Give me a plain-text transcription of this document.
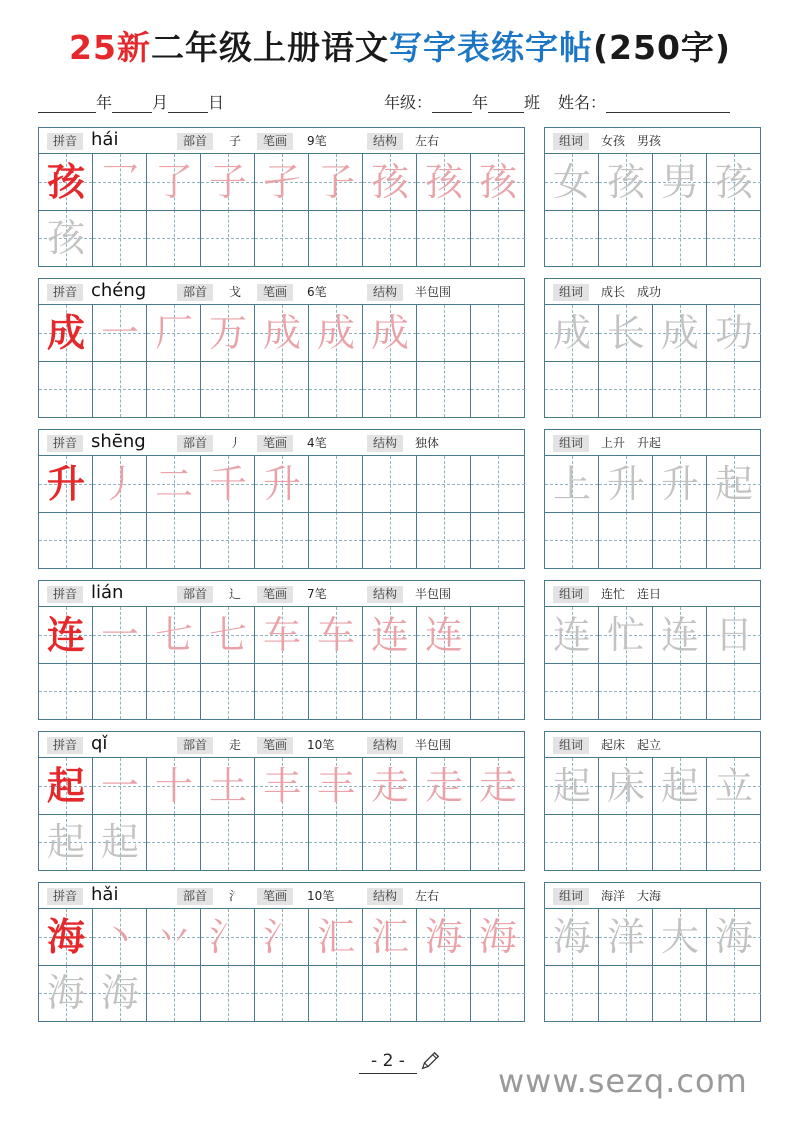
25新二年级上册语文写字表练字帖(250字)
年	月	日	年级：	年 班 姓名：
拼音 hái	部首	子	笔画	9笔	结构	左右
孩 乛 了 子 孑 孒 孩 孩 孩
孩
组词	女孩　男孩
女 孩 男 孩
拼音 chéng	部首	戈	笔画	6笔	结构	半包围
成 一 厂 万 成 成 成
组词	成长　成功
成 长 成 功
拼音 shēng	部首	丿	笔画	4笔	结构	独体
升 丿 二 千 升
组词	上升　升起
上 升 升 起
拼音 lián	部首	辶	笔画	7笔	结构	半包围
连 一 七 七 车 车 连 连
组词	连忙　连日
连 忙 连 日
拼音 qǐ	部首	走	笔画	10笔	结构	半包围
起 一 十 土 丰 丰 走 走 走
起 起
组词	起床　起立
起 床 起 立
拼音 hǎi	部首	氵	笔画	10笔	结构	左右
海 丶 丷 氵 氵 汇 汇 海 海
海 海
组词	海洋　大海
海 洋 大 海
- 2 -
www.sezq.com
